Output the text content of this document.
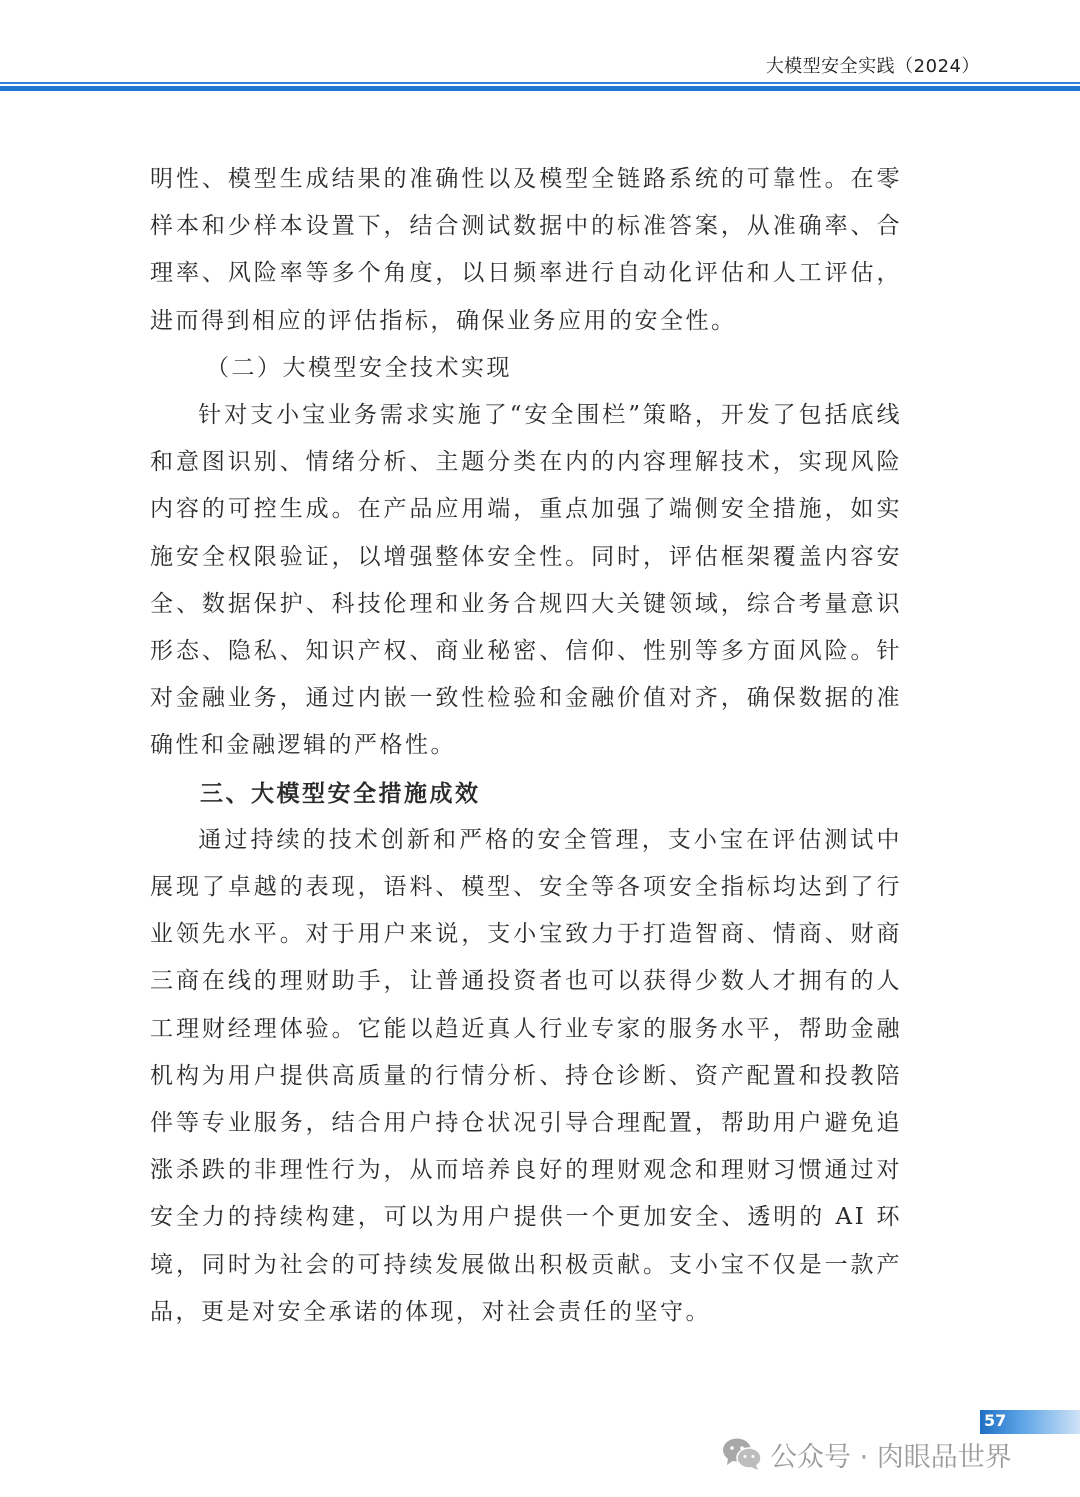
大模型安全实践（2024）

明性、模型生成结果的准确性以及模型全链路系统的可靠性。在零样本和少样本设置下，结合测试数据中的标准答案，从准确率、合理率、风险率等多个角度，以日频率进行自动化评估和人工评估，进而得到相应的评估指标，确保业务应用的安全性。

（二）大模型安全技术实现

针对支小宝业务需求实施了“安全围栏”策略，开发了包括底线和意图识别、情绪分析、主题分类在内的内容理解技术，实现风险内容的可控生成。在产品应用端，重点加强了端侧安全措施，如实施安全权限验证，以增强整体安全性。同时，评估框架覆盖内容安全、数据保护、科技伦理和业务合规四大关键领域，综合考量意识形态、隐私、知识产权、商业秘密、信仰、性别等多方面风险。针对金融业务，通过内嵌一致性检验和金融价值对齐，确保数据的准确性和金融逻辑的严格性。

三、大模型安全措施成效

通过持续的技术创新和严格的安全管理，支小宝在评估测试中展现了卓越的表现，语料、模型、安全等各项安全指标均达到了行业领先水平。对于用户来说，支小宝致力于打造智商、情商、财商三商在线的理财助手，让普通投资者也可以获得少数人才拥有的人工理财经理体验。它能以趋近真人行业专家的服务水平，帮助金融机构为用户提供高质量的行情分析、持仓诊断、资产配置和投教陪伴等专业服务，结合用户持仓状况引导合理配置，帮助用户避免追涨杀跌的非理性行为，从而培养良好的理财观念和理财习惯通过对安全力的持续构建，可以为用户提供一个更加安全、透明的 AI 环境，同时为社会的可持续发展做出积极贡献。支小宝不仅是一款产品，更是对安全承诺的体现，对社会责任的坚守。

57
公众号 · 肉眼品世界
